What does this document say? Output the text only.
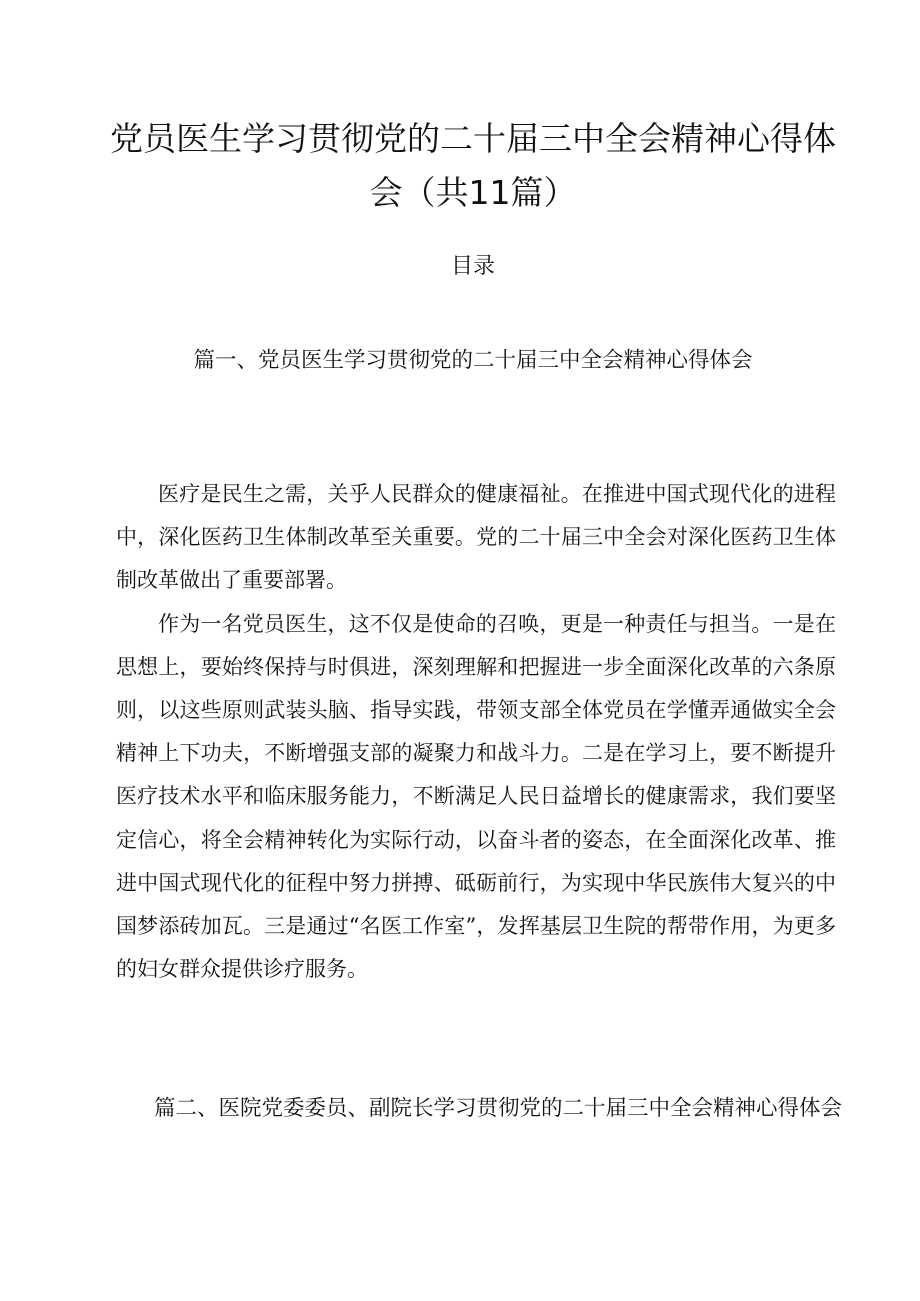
党员医生学习贯彻党的二十届三中全会精神心得体会（共11篇）
目录
篇一、党员医生学习贯彻党的二十届三中全会精神心得体会

医疗是民生之需，关乎人民群众的健康福祉。在推进中国式现代化的进程中，深化医药卫生体制改革至关重要。党的二十届三中全会对深化医药卫生体制改革做出了重要部署。

作为一名党员医生，这不仅是使命的召唤，更是一种责任与担当。一是在思想上，要始终保持与时俱进，深刻理解和把握进一步全面深化改革的六条原则，以这些原则武装头脑、指导实践，带领支部全体党员在学懂弄通做实全会精神上下功夫，不断增强支部的凝聚力和战斗力。二是在学习上，要不断提升医疗技术水平和临床服务能力，不断满足人民日益增长的健康需求，我们要坚定信心，将全会精神转化为实际行动，以奋斗者的姿态，在全面深化改革、推进中国式现代化的征程中努力拼搏、砥砺前行，为实现中华民族伟大复兴的中国梦添砖加瓦。三是通过“名医工作室”，发挥基层卫生院的帮带作用，为更多的妇女群众提供诊疗服务。

篇二、医院党委委员、副院长学习贯彻党的二十届三中全会精神心得体会
